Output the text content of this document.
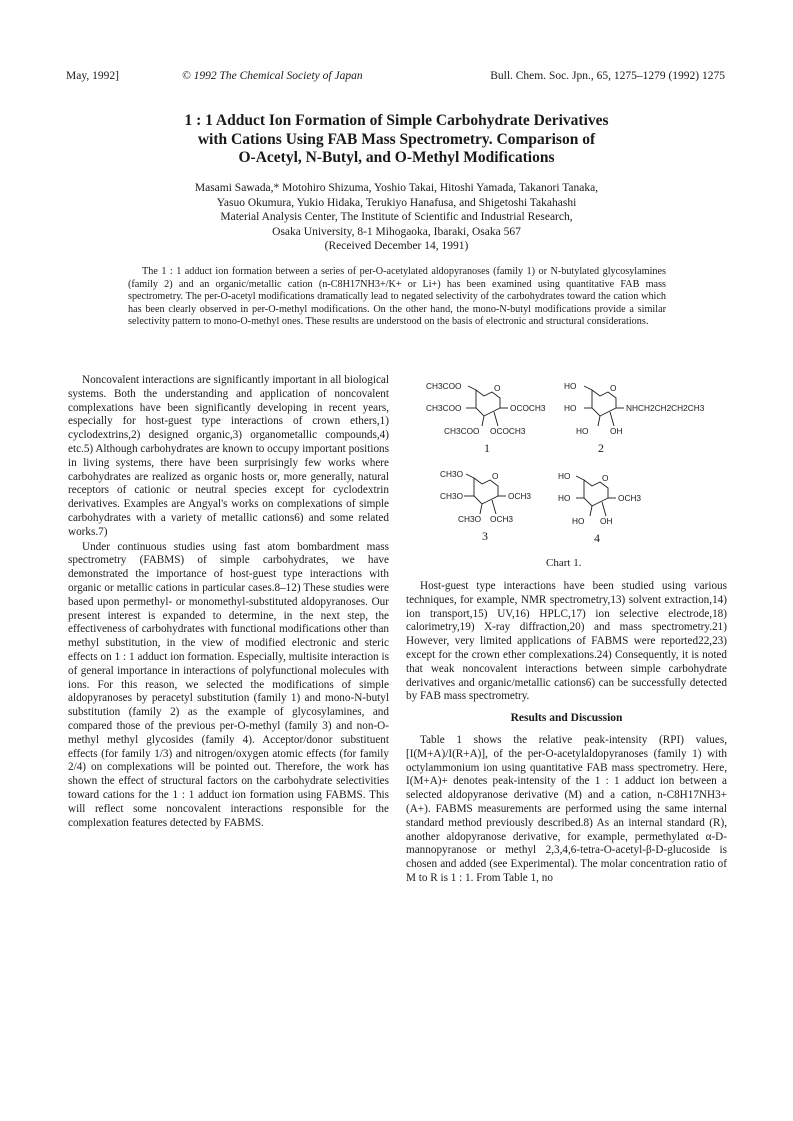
May, 1992]	© 1992 The Chemical Society of Japan	Bull. Chem. Soc. Jpn., 65, 1275–1279 (1992) 1275
1 : 1 Adduct Ion Formation of Simple Carbohydrate Derivatives
with Cations Using FAB Mass Spectrometry. Comparison of
O-Acetyl, N-Butyl, and O-Methyl Modifications
Masami Sawada,* Motohiro Shizuma, Yoshio Takai, Hitoshi Yamada, Takanori Tanaka,
Yasuo Okumura, Yukio Hidaka, Terukiyo Hanafusa, and Shigetoshi Takahashi
Material Analysis Center, The Institute of Scientific and Industrial Research,
Osaka University, 8-1 Mihogaoka, Ibaraki, Osaka 567
(Received December 14, 1991)

The 1 : 1 adduct ion formation between a series of per-O-acetylated aldopyranoses (family 1) or N-butylated glycosylamines (family 2) and an organic/metallic cation (n-C8H17NH3+/K+ or Li+) has been examined using quantitative FAB mass spectrometry. The per-O-acetyl modifications dramatically lead to negated selectivity of the carbohydrates toward the cation which has been clearly observed in per-O-methyl modifications. On the other hand, the mono-N-butyl modifications provide a similar selectivity pattern to mono-O-methyl ones. These results are understood on the basis of electronic and structural considerations.

Noncovalent interactions are significantly important in all biological systems. Both the understanding and application of noncovalent complexations have been significantly developing in recent years, especially for host-guest type interactions of crown ethers,1) cyclodextrins,2) designed organic,3) organometallic compounds,4) etc.5) Although carbohydrates are known to occupy important positions in living systems, there have been surprisingly few works where carbohydrates are realized as organic hosts or, more generally, natural receptors of cationic or neutral species except for cyclodextrin derivatives. Examples are Angyal's works on complexations of simple carbohydrates with a variety of metallic cations6) and some related works.7)

Under continuous studies using fast atom bombardment mass spectrometry (FABMS) of simple carbohydrates, we have demonstrated the importance of host-guest type interactions with organic or metallic cations in particular cases.8–12) These studies were based upon permethyl- or monomethyl-substituted aldopyranoses. Our present interest is expanded to determine, in the next step, the effectiveness of carbohydrates with functional modifications other than methyl substitution, in the view of modified electronic and steric effects on 1 : 1 adduct ion formation. Especially, multisite interaction is of general importance in interactions of polyfunctional molecules with ions. For this reason, we selected the modifications of simple aldopyranoses by peracetyl substitution (family 1) and mono-N-butyl substitution (family 2) as the example of glycosylamines, and compared those of the previous per-O-methyl (family 3) and non-O-methyl methyl glycosides (family 4). Acceptor/donor substituent effects (for family 1/3) and nitrogen/oxygen atomic effects (for family 2/4) on complexations will be pointed out. Therefore, the work has shown the effect of structural factors on the carbohydrate selectivities toward cations for the 1 : 1 adduct ion formation using FABMS. This will reflect some noncovalent interactions responsible for the complexation features detected by FABMS.

CH3COO
CH3COO
CH3COO OCOCH3
OCOCH3
O
1
HO
HO
HO	OH
NHCH2CH2CH2CH3
O
2
CH3O
CH3O
CH3O OCH3
OCH3
O
3
HO
HO
HO OH
OCH3
O
4
Chart 1.

Host-guest type interactions have been studied using various techniques, for example, NMR spectrometry,13) solvent extraction,14) ion transport,15) UV,16) HPLC,17) ion selective electrode,18) calorimetry,19) X-ray diffraction,20) and mass spectrometry.21) However, very limited applications of FABMS were reported22,23) except for the crown ether complexations.24) Consequently, it is noted that weak noncovalent interactions between simple carbohydrate derivatives and organic/metallic cations6) can be successfully detected by FAB mass spectrometry.

Results and Discussion

Table 1 shows the relative peak-intensity (RPI) values, [I(M+A)/I(R+A)], of the per-O-acetylaldopyranoses (family 1) with octylammonium ion using quantitative FAB mass spectrometry. Here, I(M+A)+ denotes peak-intensity of the 1 : 1 adduct ion between a selected aldopyranose derivative (M) and a cation, n-C8H17NH3+ (A+). FABMS measurements are performed using the same internal standard method previously described.8) As an internal standard (R), another aldopyranose derivative, for example, permethylated α-D-mannopyranose or methyl 2,3,4,6-tetra-O-acetyl-β-D-glucoside is chosen and added (see Experimental). The molar concentration ratio of M to R is 1 : 1. From Table 1, no
